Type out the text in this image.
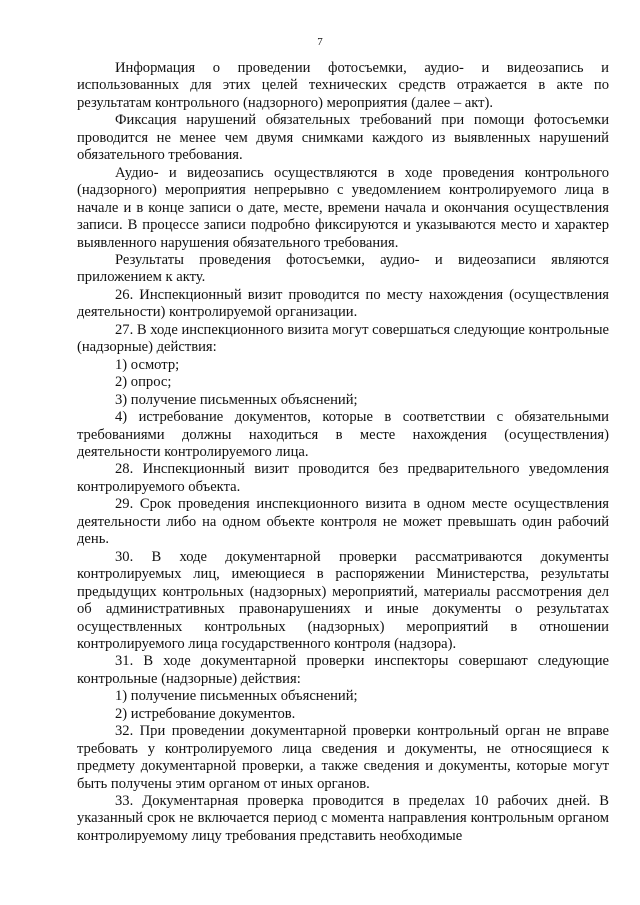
7

Информация о проведении фотосъемки, аудио- и видеозапись и использованных для этих целей технических средств отражается в акте по результатам контрольного (надзорного) мероприятия (далее – акт).

Фиксация нарушений обязательных требований при помощи фотосъемки проводится не менее чем двумя снимками каждого из выявленных нарушений обязательного требования.

Аудио- и видеозапись осуществляются в ходе проведения контрольного (надзорного) мероприятия непрерывно с уведомлением контролируемого лица в начале и в конце записи о дате, месте, времени начала и окончания осуществления записи. В процессе записи подробно фиксируются и указываются место и характер выявленного нарушения обязательного требования.

Результаты проведения фотосъемки, аудио- и видеозаписи являются приложением к акту.

26. Инспекционный визит проводится по месту нахождения (осуществления деятельности) контролируемой организации.

27. В ходе инспекционного визита могут совершаться следующие контрольные (надзорные) действия:

1) осмотр;

2) опрос;

3) получение письменных объяснений;

4) истребование документов, которые в соответствии с обязательными требованиями должны находиться в месте нахождения (осуществления) деятельности контролируемого лица.

28. Инспекционный визит проводится без предварительного уведомления контролируемого объекта.

29. Срок проведения инспекционного визита в одном месте осуществления деятельности либо на одном объекте контроля не может превышать один рабочий день.

30. В ходе документарной проверки рассматриваются документы контролируемых лиц, имеющиеся в распоряжении Министерства, результаты предыдущих контрольных (надзорных) мероприятий, материалы рассмотрения дел об административных правонарушениях и иные документы о результатах осуществленных контрольных (надзорных) мероприятий в отношении контролируемого лица государственного контроля (надзора).

31. В ходе документарной проверки инспекторы совершают следующие контрольные (надзорные) действия:

1) получение письменных объяснений;

2) истребование документов.

32. При проведении документарной проверки контрольный орган не вправе требовать у контролируемого лица сведения и документы, не относящиеся к предмету документарной проверки, а также сведения и документы, которые могут быть получены этим органом от иных органов.

33. Документарная проверка проводится в пределах 10 рабочих дней. В указанный срок не включается период с момента направления контрольным органом контролируемому лицу требования представить необходимые
